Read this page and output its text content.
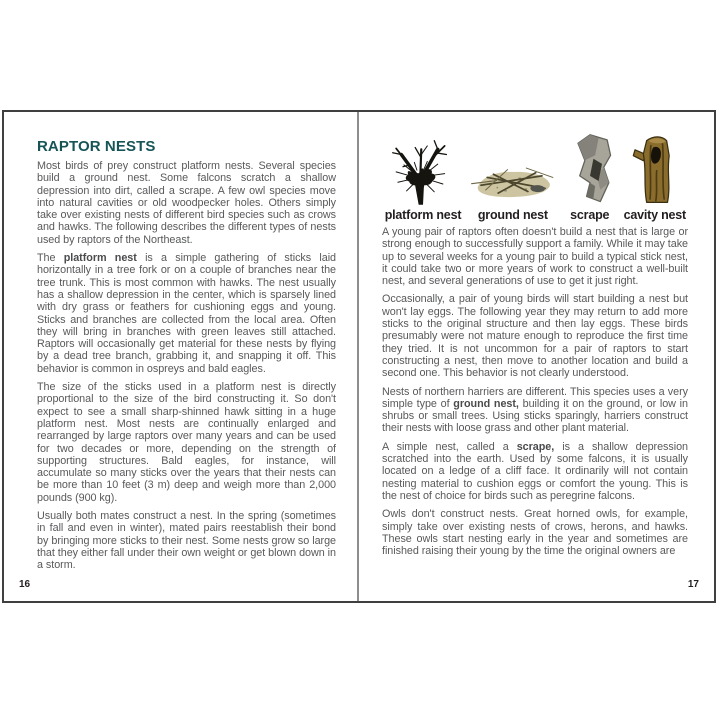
RAPTOR NESTS

Most birds of prey construct platform nests. Several species build a ground nest. Some falcons scratch a shallow depression into dirt, called a scrape. A few owl species move into natural cavities or old woodpecker holes. Others simply take over existing nests of different bird species such as crows and hawks. The following describes the different types of nests used by raptors of the Northeast.

The platform nest is a simple gathering of sticks laid horizontally in a tree fork or on a couple of branches near the tree trunk. This is most common with hawks. The nest usually has a shallow depression in the center, which is sparsely lined with dry grass or feathers for cushioning eggs and young. Sticks and branches are collected from the local area. Often they will bring in branches with green leaves still attached. Raptors will occasionally get material for these nests by flying by a dead tree branch, grabbing it, and snapping it off. This behavior is common in ospreys and bald eagles.

The size of the sticks used in a platform nest is directly proportional to the size of the bird constructing it. So don't expect to see a small sharp-shinned hawk sitting in a huge platform nest. Most nests are continually enlarged and rearranged by large raptors over many years and can be used for two decades or more, depending on the strength of supporting structures. Bald eagles, for instance, will accumulate so many sticks over the years that their nests can be more than 10 feet (3 m) deep and weigh more than 2,000 pounds (900 kg).

Usually both mates construct a nest. In the spring (sometimes in fall and even in winter), mated pairs reestablish their bond by bringing more sticks to their nest. Some nests grow so large that they either fall under their own weight or get blown down in a storm.

16
platform nest ground nest scrape cavity nest

A young pair of raptors often doesn't build a nest that is large or strong enough to successfully support a family. While it may take up to several weeks for a young pair to build a typical stick nest, it could take two or more years of work to construct a well-built nest, and several generations of use to get it just right.

Occasionally, a pair of young birds will start building a nest but won't lay eggs. The following year they may return to add more sticks to the original structure and then lay eggs. These birds presumably were not mature enough to reproduce the first time they tried. It is not uncommon for a pair of raptors to start constructing a nest, then move to another location and build a second one. This behavior is not clearly understood.

Nests of northern harriers are different. This species uses a very simple type of ground nest, building it on the ground, or low in shrubs or small trees. Using sticks sparingly, harriers construct their nests with loose grass and other plant material.

A simple nest, called a scrape, is a shallow depression scratched into the earth. Used by some falcons, it is usually located on a ledge of a cliff face. It ordinarily will not contain nesting material to cushion eggs or comfort the young. This is the nest of choice for birds such as peregrine falcons.

Owls don't construct nests. Great horned owls, for example, simply take over existing nests of crows, herons, and hawks. These owls start nesting early in the year and sometimes are finished raising their young by the time the original owners are

17
